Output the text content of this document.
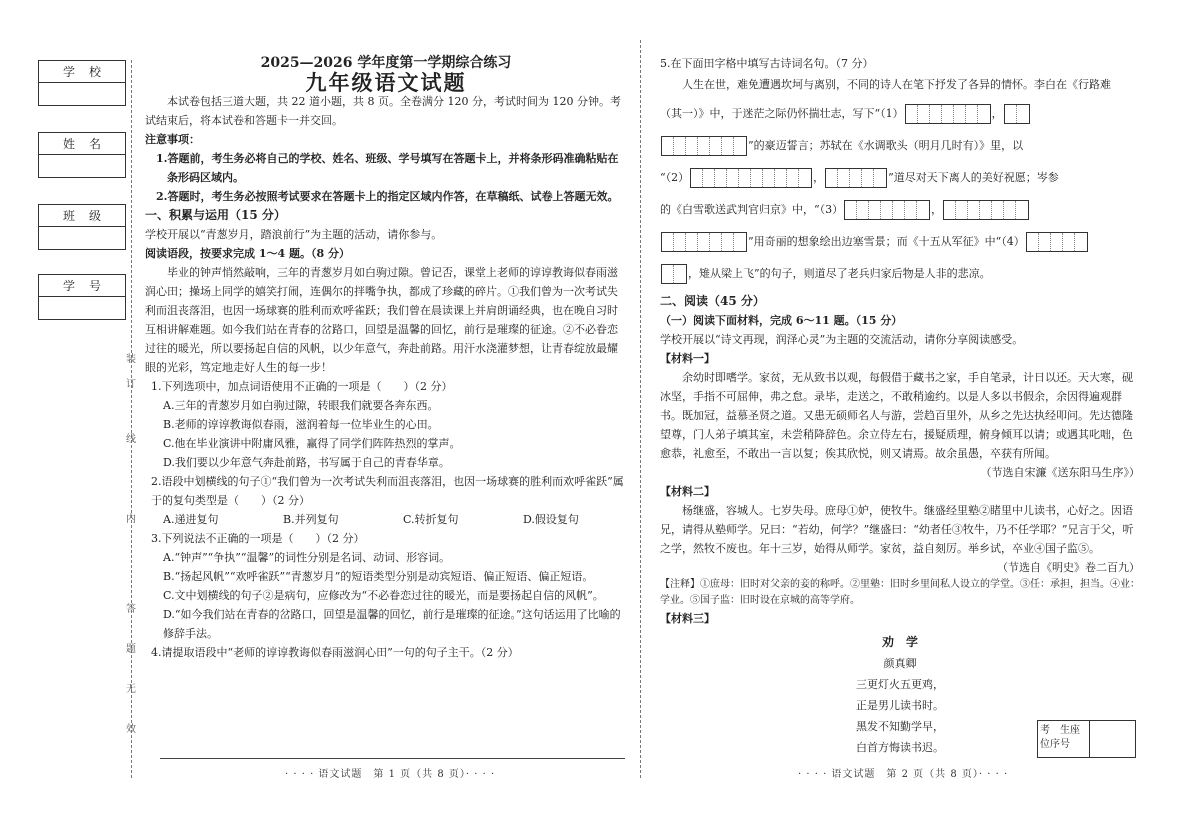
学校
姓名
班级
学号
装
订
线
内
答
题
无
效

2025—2026 学年度第一学期综合练习

九年级语文试题

本试卷包括三道大题，共 22 道小题，共 8 页。全卷满分 120 分，考试时间为 120 分钟。考试结束后，将本试卷和答题卡一并交回。

注意事项：

1.答题前，考生务必将自己的学校、姓名、班级、学号填写在答题卡上，并将条形码准确粘贴在条形码区域内。

2.答题时，考生务必按照考试要求在答题卡上的指定区域内作答，在草稿纸、试卷上答题无效。

一、积累与运用（15 分）

学校开展以“青葱岁月，踏浪前行”为主题的活动，请你参与。

阅读语段，按要求完成 1～4 题。（8 分）

毕业的钟声悄然敲响，三年的青葱岁月如白驹过隙。曾记否，课堂上老师的谆谆教诲似春雨滋润心田；操场上同学的嬉笑打闹，连偶尔的拌嘴争执，都成了珍藏的碎片。①我们曾为一次考试失利而沮丧落泪，也因一场球赛的胜利而欢呼雀跃；我们曾在晨读课上并肩朗诵经典，也在晚自习时互相讲解难题。如今我们站在青春的岔路口，回望是温馨的回忆，前行是璀璨的征途。②不必眷恋过往的暖光，所以要扬起自信的风帆，以少年意气，奔赴前路。用汗水浇灌梦想，让青春绽放最耀眼的光彩，笃定地走好人生的每一步！

1.下列选项中，加点词语使用不正确的一项是（　　）（2 分）

A.三年的青葱岁月如白驹过隙，转眼我们就要各奔东西。

B.老师的谆谆教诲似春雨，滋润着每一位毕业生的心田。

C.他在毕业演讲中附庸风雅，赢得了同学们阵阵热烈的掌声。

D.我们要以少年意气奔赴前路，书写属于自己的青春华章。

2.语段中划横线的句子①“我们曾为一次考试失利而沮丧落泪，也因一场球赛的胜利而欢呼雀跃”属于的复句类型是（　　）（2 分）

A.递进复句	B.并列复句	C.转折复句	D.假设复句

3.下列说法不正确的一项是（　　）（2 分）

A.“钟声”“争执”“温馨”的词性分别是名词、动词、形容词。

B.“扬起风帆”“欢呼雀跃”“青葱岁月”的短语类型分别是动宾短语、偏正短语、偏正短语。

C.文中划横线的句子②是病句，应修改为“不必眷恋过往的暖光，而是要扬起自信的风帆”。

D.“如今我们站在青春的岔路口，回望是温馨的回忆，前行是璀璨的征途。”这句话运用了比喻的修辞手法。

4.请提取语段中“老师的谆谆教诲似春雨滋润心田”一句的句子主干。（2 分）

· · · · 语文试题　第 1 页（共 8 页）· · · ·

5.在下面田字格中填写古诗词名句。（7 分）

人生在世，难免遭遇坎坷与离别，不同的诗人在笔下抒发了各异的情怀。李白在《行路难

（其一）》中，于迷茫之际仍怀揣壮志，写下“（1）	，

”的豪迈誓言；苏轼在《水调歌头（明月几时有）》里，以

“（2）	，	”道尽对天下离人的美好祝愿；岑参

的《白雪歌送武判官归京》中，“（3）	，

”用奇丽的想象绘出边塞雪景；而《十五从军征》中“（4）

，雉从梁上飞”的句子，则道尽了老兵归家后物是人非的悲凉。

二、阅读（45 分）

（一）阅读下面材料，完成 6～11 题。（15 分）

学校开展以“诗文再现，润泽心灵”为主题的交流活动，请你分享阅读感受。

【材料一】

余幼时即嗜学。家贫，无从致书以观，每假借于藏书之家，手自笔录，计日以还。天大寒，砚冰坚，手指不可屈伸，弗之怠。录毕，走送之，不敢稍逾约。以是人多以书假余，余因得遍观群书。既加冠，益慕圣贤之道。又患无硕师名人与游，尝趋百里外，从乡之先达执经叩问。先达德隆望尊，门人弟子填其室，未尝稍降辞色。余立侍左右，援疑质理，俯身倾耳以请；或遇其叱咄，色愈恭，礼愈至，不敢出一言以复；俟其欣悦，则又请焉。故余虽愚，卒获有所闻。

（节选自宋濂《送东阳马生序》）

【材料二】

杨继盛，容城人。七岁失母。庶母①妒，使牧牛。继盛经里塾②睹里中儿读书，心好之。因语兄，请得从塾师学。兄曰：“若幼，何学？”继盛曰：“幼者任③牧牛，乃不任学耶？”兄言于父，听之学，然牧不废也。年十三岁，始得从师学。家贫，益自刻厉。举乡试，卒业④国子监⑤。

（节选自《明史》卷二百九）

【注释】①庶母：旧时对父亲的妾的称呼。②里塾：旧时乡里间私人设立的学堂。③任：承担，担当。④业：学业。⑤国子监：旧时设在京城的高等学府。

【材料三】

劝　学

颜真卿

三更灯火五更鸡，

正是男儿读书时。

黑发不知勤学早，

白首方悔读书迟。

考　生座位序号
· · · · 语文试题　第 2 页（共 8 页）· · · ·
